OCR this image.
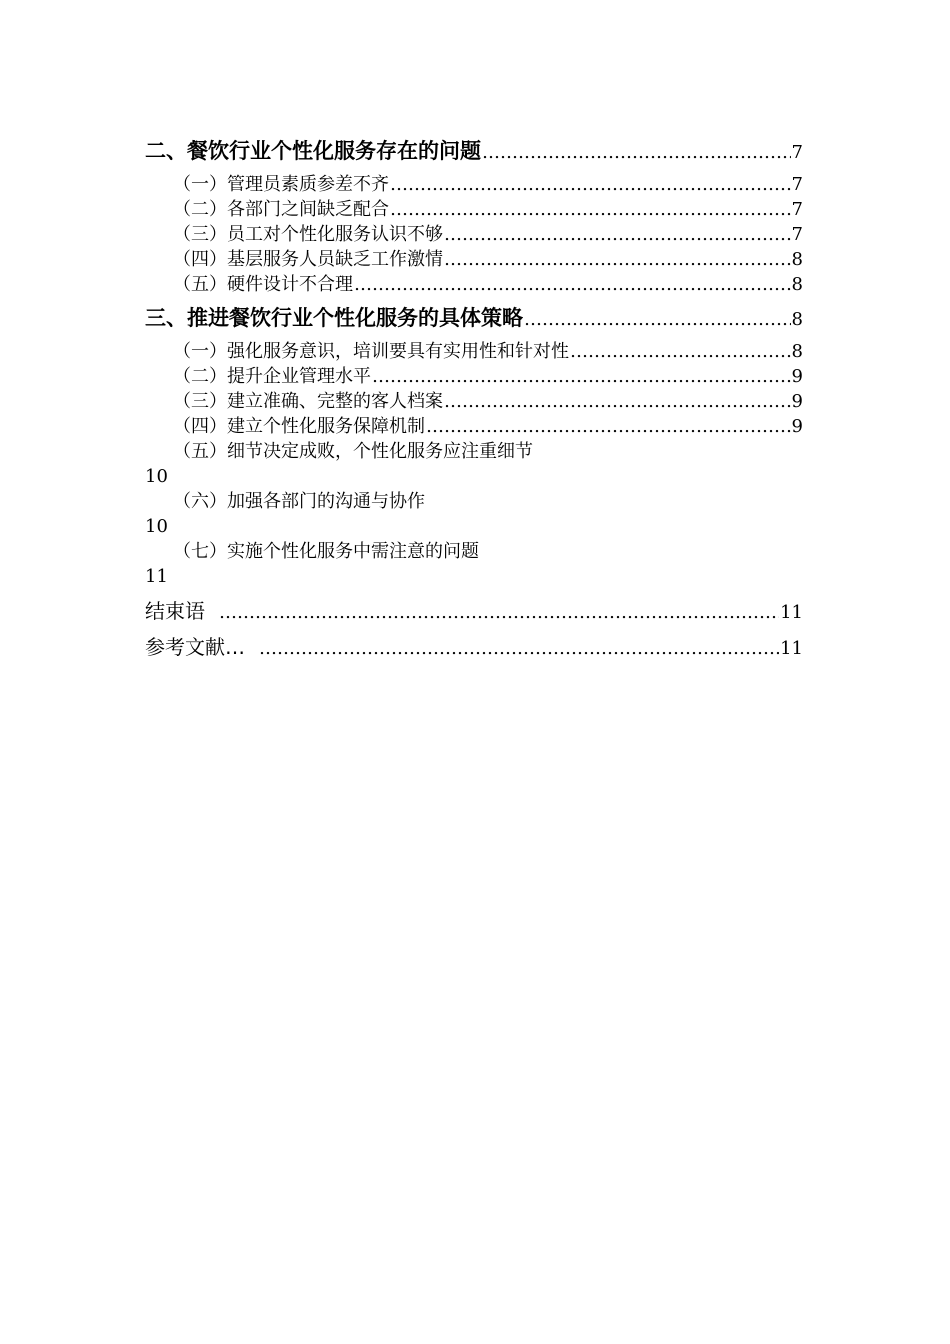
二、餐饮行业个性化服务存在的问题 …………………………………………………………………………………………………………………………………………………………	7
（一）管理员素质参差不齐 …………………………………………………………………………………………………………………………………………………………	7
（二）各部门之间缺乏配合 …………………………………………………………………………………………………………………………………………………………	7
（三）员工对个性化服务认识不够 …………………………………………………………………………………………………………………………………………………………	7
（四）基层服务人员缺乏工作激情 …………………………………………………………………………………………………………………………………………………………	8
（五）硬件设计不合理 …………………………………………………………………………………………………………………………………………………………	8
三、推进餐饮行业个性化服务的具体策略 …………………………………………………………………………………………………………………………………………………………	8
（一）强化服务意识，培训要具有实用性和针对性 …………………………………………………………………………………………………………………………………………………………	8
（二）提升企业管理水平 …………………………………………………………………………………………………………………………………………………………	9
（三）建立准确、完整的客人档案 …………………………………………………………………………………………………………………………………………………………	9
（四）建立个性化服务保障机制 …………………………………………………………………………………………………………………………………………………………	9
（五）细节决定成败，个性化服务应注重细节
10
（六）加强各部门的沟通与协作
10
（七）实施个性化服务中需注意的问题
11
结束语 …………………………………………………………………………………………………………………………………………………………	11
参考文献… …………………………………………………………………………………………………………………………………………………………	11
